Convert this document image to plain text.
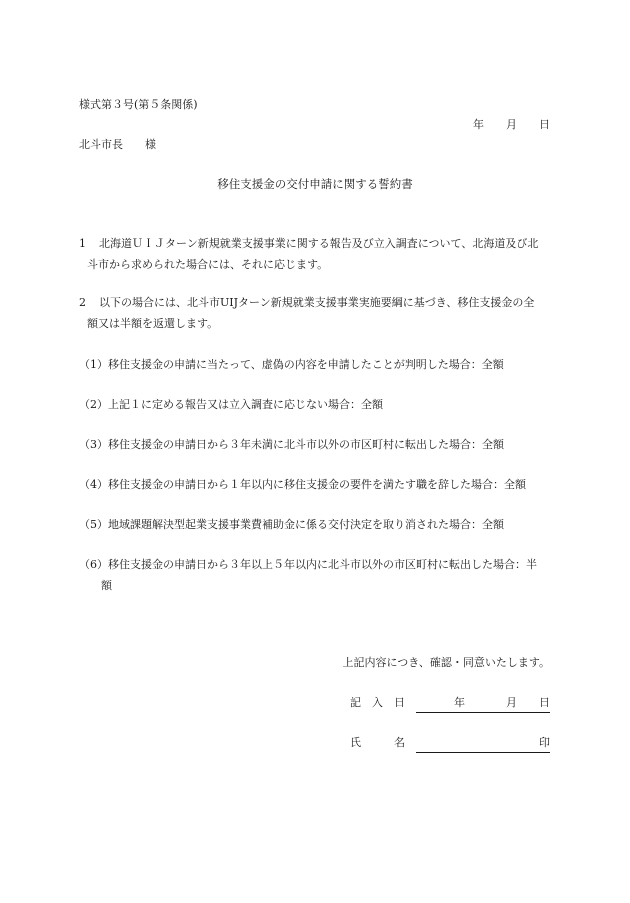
様式第３号(第５条関係)
年 月 日
北斗市長　　様
移住支援金の交付申請に関する誓約書
1 北海道ＵＩＪターン新規就業支援事業に関する報告及び立入調査について、北海道及び北
斗市から求められた場合には、それに応じます。
2 以下の場合には、北斗市UIJターン新規就業支援事業実施要綱に基づき、移住支援金の全
額又は半額を返還します。
（1）移住支援金の申請に当たって、虚偽の内容を申請したことが判明した場合：全額
（2）上記１に定める報告又は立入調査に応じない場合：全額
（3）移住支援金の申請日から３年未満に北斗市以外の市区町村に転出した場合：全額
（4）移住支援金の申請日から１年以内に移住支援金の要件を満たす職を辞した場合：全額
（5）地域課題解決型起業支援事業費補助金に係る交付決定を取り消された場合：全額
（6）移住支援金の申請日から３年以上５年以内に北斗市以外の市区町村に転出した場合：半
額
上記内容につき、確認・同意いたします。
記　入　日	年	月 日
氏　　　名	印
